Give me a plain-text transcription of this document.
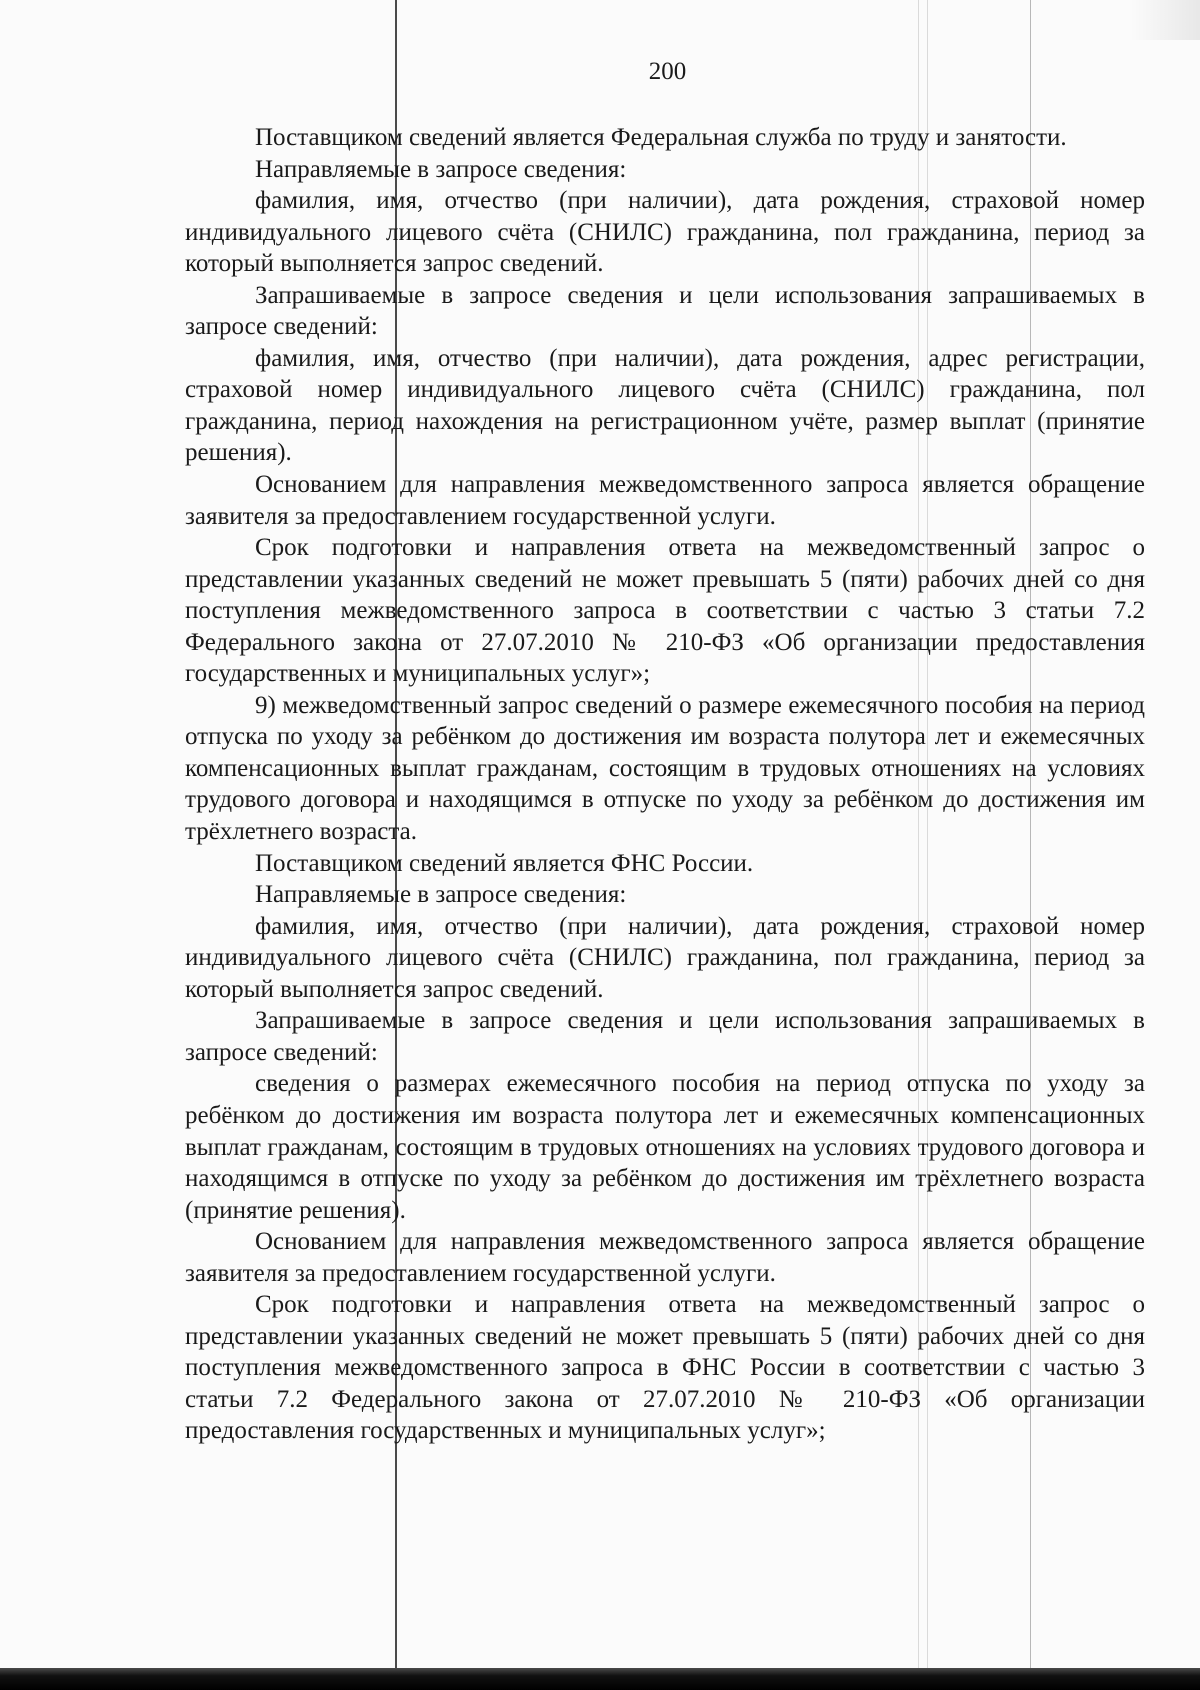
200

Поставщиком сведений является Федеральная служба по труду и занятости.

Направляемые в запросе сведения:

фамилия, имя, отчество (при наличии), дата рождения, страховой номер индивидуального лицевого счёта (СНИЛС) гражданина, пол гражданина, период за который выполняется запрос сведений.

Запрашиваемые в запросе сведения и цели использования запрашиваемых в запросе сведений:

фамилия, имя, отчество (при наличии), дата рождения, адрес регистрации, страховой номер индивидуального лицевого счёта (СНИЛС) гражданина, пол гражданина, период нахождения на регистрационном учёте, размер выплат (принятие решения).

Основанием для направления межведомственного запроса является обращение заявителя за предоставлением государственной услуги.

Срок подготовки и направления ответа на межведомственный запрос о представлении указанных сведений не может превышать 5 (пяти) рабочих дней со дня поступления межведомственного запроса в соответствии с частью 3 статьи 7.2 Федерального закона от 27.07.2010 № 210-ФЗ «Об организации предоставления государственных и муниципальных услуг»;

9) межведомственный запрос сведений о размере ежемесячного пособия на период отпуска по уходу за ребёнком до достижения им возраста полутора лет и ежемесячных компенсационных выплат гражданам, состоящим в трудовых отношениях на условиях трудового договора и находящимся в отпуске по уходу за ребёнком до достижения им трёхлетнего возраста.

Поставщиком сведений является ФНС России.

Направляемые в запросе сведения:

фамилия, имя, отчество (при наличии), дата рождения, страховой номер индивидуального лицевого счёта (СНИЛС) гражданина, пол гражданина, период за который выполняется запрос сведений.

Запрашиваемые в запросе сведения и цели использования запрашиваемых в запросе сведений:

сведения о размерах ежемесячного пособия на период отпуска по уходу за ребёнком до достижения им возраста полутора лет и ежемесячных компенсационных выплат гражданам, состоящим в трудовых отношениях на условиях трудового договора и находящимся в отпуске по уходу за ребёнком до достижения им трёхлетнего возраста (принятие решения).

Основанием для направления межведомственного запроса является обращение заявителя за предоставлением государственной услуги.

Срок подготовки и направления ответа на межведомственный запрос о представлении указанных сведений не может превышать 5 (пяти) рабочих дней со дня поступления межведомственного запроса в ФНС России в соответствии с частью 3 статьи 7.2 Федерального закона от 27.07.2010 № 210-ФЗ «Об организации предоставления государственных и муниципальных услуг»;
